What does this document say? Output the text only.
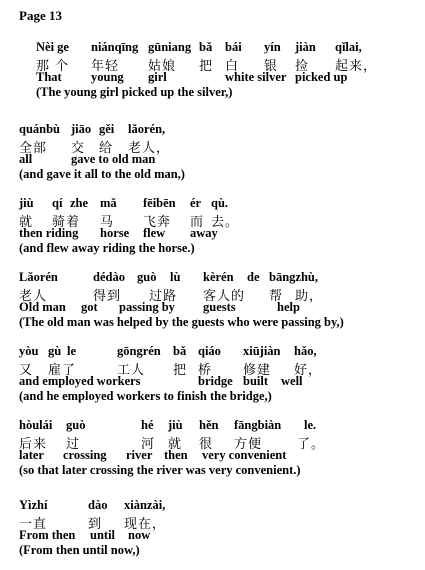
Page 13
Nèi ge niánqīng gūniang bǎ bái yín jiàn qǐlai,
那 个 年轻 姑娘 把 白 银 捡 起来，
That young girl	white silver picked up
(The young girl picked up the silver,)
quánbù jiāo gěi lǎorén,
全部 交 给 老人，
all	gave to old man
(and gave it all to the old man,)
jiù qí zhe mǎ fēibēn ér qù.
就 骑着 马 飞奔 而 去。
then riding horse flew away
(and flew away riding the horse.)
Lǎorén	dédào guò lù kèrén de bāngzhù,
老人	得到 过路 客人的 帮 助，
Old man got passing by guests	help
(The old man was helped by the guests who were passing by,)
yòu gù le	gōngrén bǎ qiáo xiūjiàn hǎo,
又 雇了	工人 把 桥 修建 好，
and employed workers	bridge built well
(and he employed workers to finish the bridge,)
hòulái guò	hé jiù hěn fāngbiàn le.
后来 过	河 就 很 方便	了。
later crossing river then very convenient
(so that later crossing the river was very convenient.)
Yìzhí	dào xiànzài,
一直	到 现在，
From then until now
(From then until now,)
